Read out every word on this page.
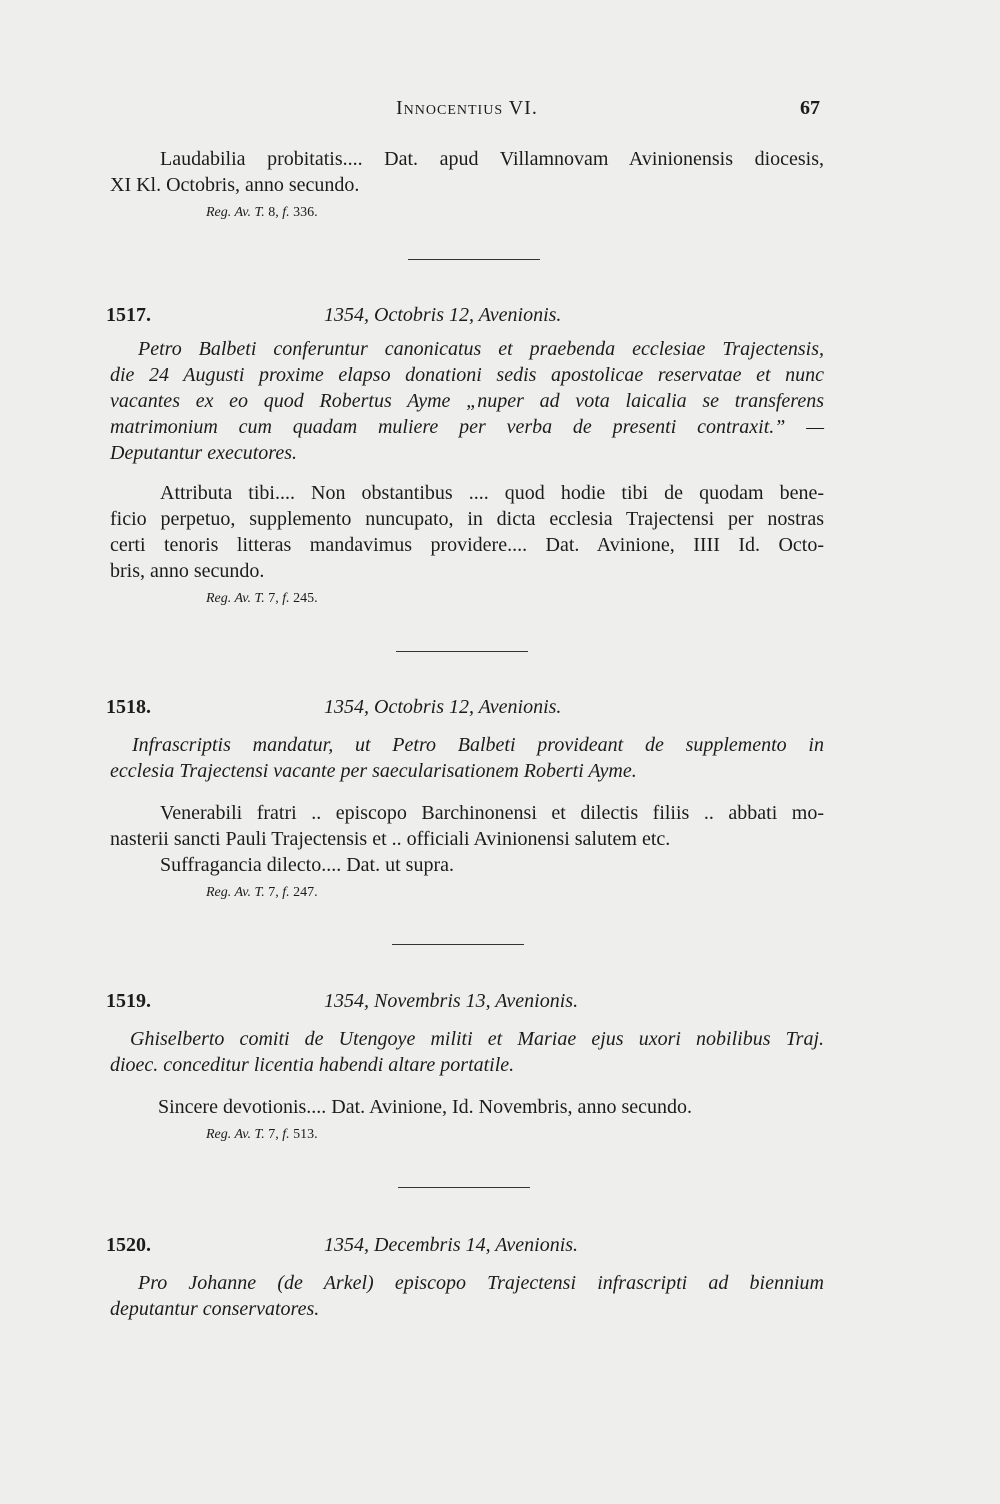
Innocentius VI.	67

Laudabilia probitatis.... Dat. apud Villamnovam Avinionensis diocesis,
XI Kl. Octobris, anno secundo.

Reg. Av. T. 8, f. 336.
1517.	1354, Octobris 12, Avenionis.

Petro Balbeti conferuntur canonicatus et praebenda ecclesiae Trajectensis,
die 24 Augusti proxime elapso donationi sedis apostolicae reservatae et nunc
vacantes ex eo quod Robertus Ayme „nuper ad vota laicalia se transferens
matrimonium cum quadam muliere per verba de presenti contraxit.” —
Deputantur executores.

Attributa tibi.... Non obstantibus .... quod hodie tibi de quodam bene-
ficio perpetuo, supplemento nuncupato, in dicta ecclesia Trajectensi per nostras
certi tenoris litteras mandavimus providere.... Dat. Avinione, IIII Id. Octo-
bris, anno secundo.

Reg. Av. T. 7, f. 245.
1518.	1354, Octobris 12, Avenionis.

Infrascriptis mandatur, ut Petro Balbeti provideant de supplemento in
ecclesia Trajectensi vacante per saecularisationem Roberti Ayme.

Venerabili fratri .. episcopo Barchinonensi et dilectis filiis .. abbati mo-
nasterii sancti Pauli Trajectensis et .. officiali Avinionensi salutem etc.
Suffragancia dilecto.... Dat. ut supra.

Reg. Av. T. 7, f. 247.
1519.	1354, Novembris 13, Avenionis.

Ghiselberto comiti de Utengoye militi et Mariae ejus uxori nobilibus Traj.
dioec. conceditur licentia habendi altare portatile.

Sincere devotionis.... Dat. Avinione, Id. Novembris, anno secundo.

Reg. Av. T. 7, f. 513.
1520.	1354, Decembris 14, Avenionis.

Pro Johanne (de Arkel) episcopo Trajectensi infrascripti ad biennium
deputantur conservatores.
